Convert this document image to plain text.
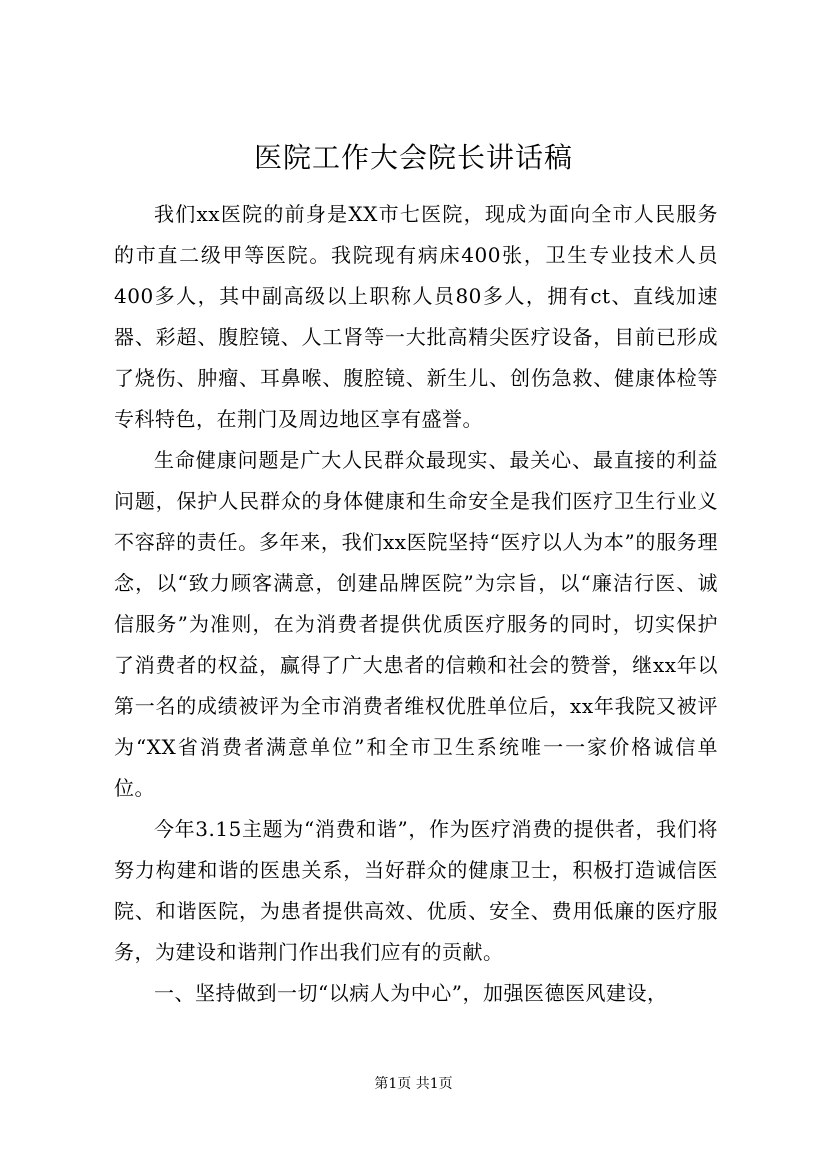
医院工作大会院长讲话稿

我们xx医院的前身是XX市七医院，现成为面向全市人民服务的市直二级甲等医院。我院现有病床400张，卫生专业技术人员400多人，其中副高级以上职称人员80多人，拥有ct、直线加速器、彩超、腹腔镜、人工肾等一大批高精尖医疗设备，目前已形成了烧伤、肿瘤、耳鼻喉、腹腔镜、新生儿、创伤急救、健康体检等专科特色，在荆门及周边地区享有盛誉。

生命健康问题是广大人民群众最现实、最关心、最直接的利益问题，保护人民群众的身体健康和生命安全是我们医疗卫生行业义不容辞的责任。多年来，我们xx医院坚持“医疗以人为本”的服务理念，以“致力顾客满意，创建品牌医院”为宗旨，以“廉洁行医、诚信服务”为准则，在为消费者提供优质医疗服务的同时，切实保护了消费者的权益，赢得了广大患者的信赖和社会的赞誉，继xx年以第一名的成绩被评为全市消费者维权优胜单位后，xx年我院又被评为“XX省消费者满意单位”和全市卫生系统唯一一家价格诚信单位。

今年3.15主题为“消费和谐”，作为医疗消费的提供者，我们将努力构建和谐的医患关系，当好群众的健康卫士，积极打造诚信医院、和谐医院，为患者提供高效、优质、安全、费用低廉的医疗服务，为建设和谐荆门作出我们应有的贡献。

一、坚持做到一切“以病人为中心”，加强医德医风建设，

第1页 共1页
